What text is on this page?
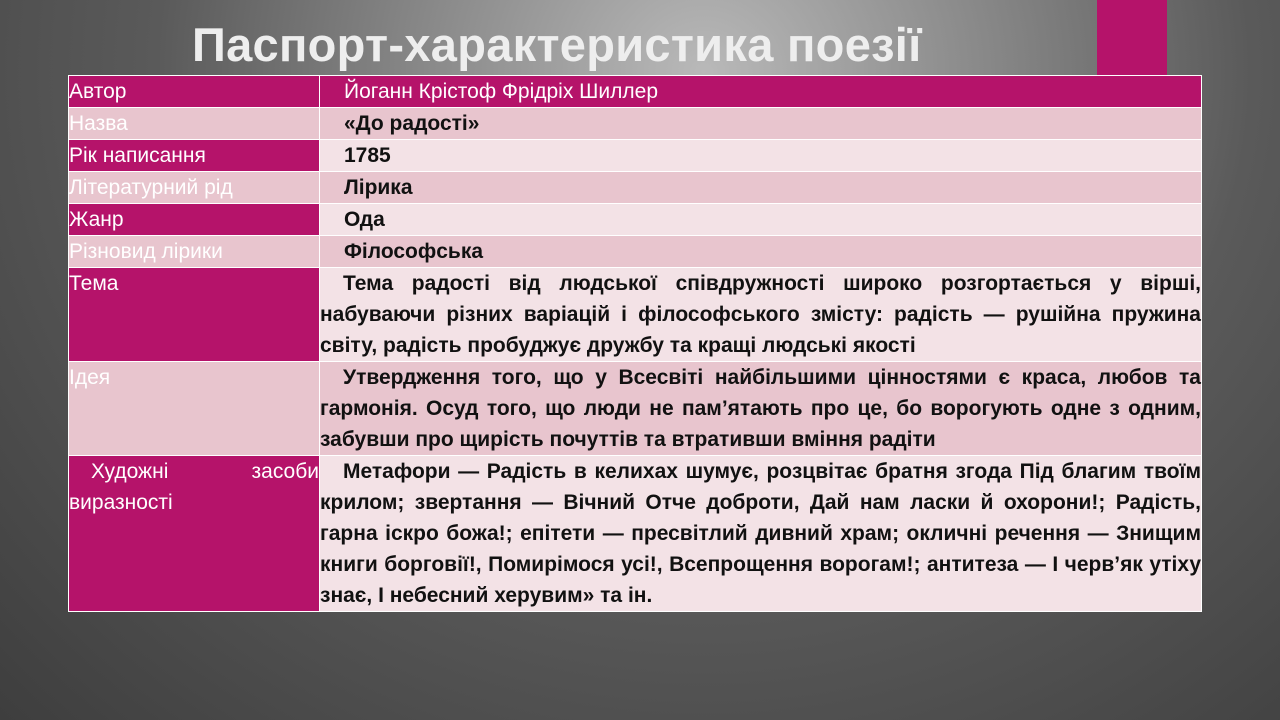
Паспорт-характеристика поезії
Автор	Йоганн Крістоф Фрідріх Шиллер
Назва	«До радості»
Рік написання	1785
Літературний рід	Лірика
Жанр	Ода
Різновид лірики	Філософська
Тема	Тема радості від людської співдружності широко розгортається у вірші, набуваючи різних варіацій і філософського змісту: радість — рушійна пружина світу, радість пробуджує дружбу та кращі людські якості
Ідея	Утвердження того, що у Всесвіті найбільшими цінностями є краса, любов та гармонія. Осуд того, що люди не пам’ятають про це, бо ворогують одне з одним, забувши про щирість почуттів та втративши вміння радіти
Художні засоби виразності	Метафори — Радість в келихах шумує, розцвітає братня згода Під благим твоїм крилом; звертання — Вічний Отче доброти, Дай нам ласки й охорони!; Радість, гарна іскро божа!; епітети — пресвітлий дивний храм; окличні речення — Знищим книги борговії!, Помирімося усі!, Всепрощення ворогам!; антитеза — І черв’як утіху знає, І небесний херувим» та ін.
